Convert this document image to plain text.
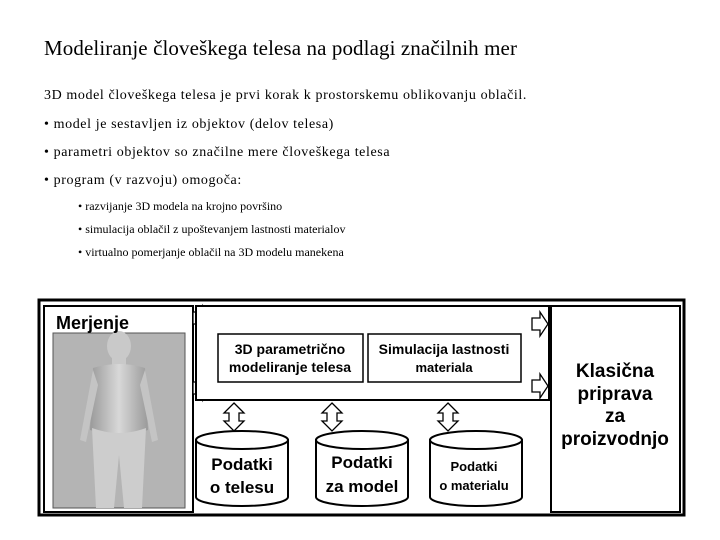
Modeliranje človeškega telesa na podlagi značilnih mer
3D model človeškega telesa je prvi korak k prostorskemu oblikovanju oblačil.
• model je sestavljen iz objektov (delov telesa)
• parametri objektov so značilne mere človeškega telesa
• program (v razvoju) omogoča:
• razvijanje 3D modela na krojno površino
• simulacija oblačil z upoštevanjem lastnosti materialov
• virtualno pomerjanje oblačil na 3D modelu manekena
Merjenje
3D parametrično
modeliranje telesa
Simulacija lastnosti
materiala	Klasična
priprava
za
proizvodnjo
Podatki
o telesu
Podatki
za model
Podatki
o materialu
